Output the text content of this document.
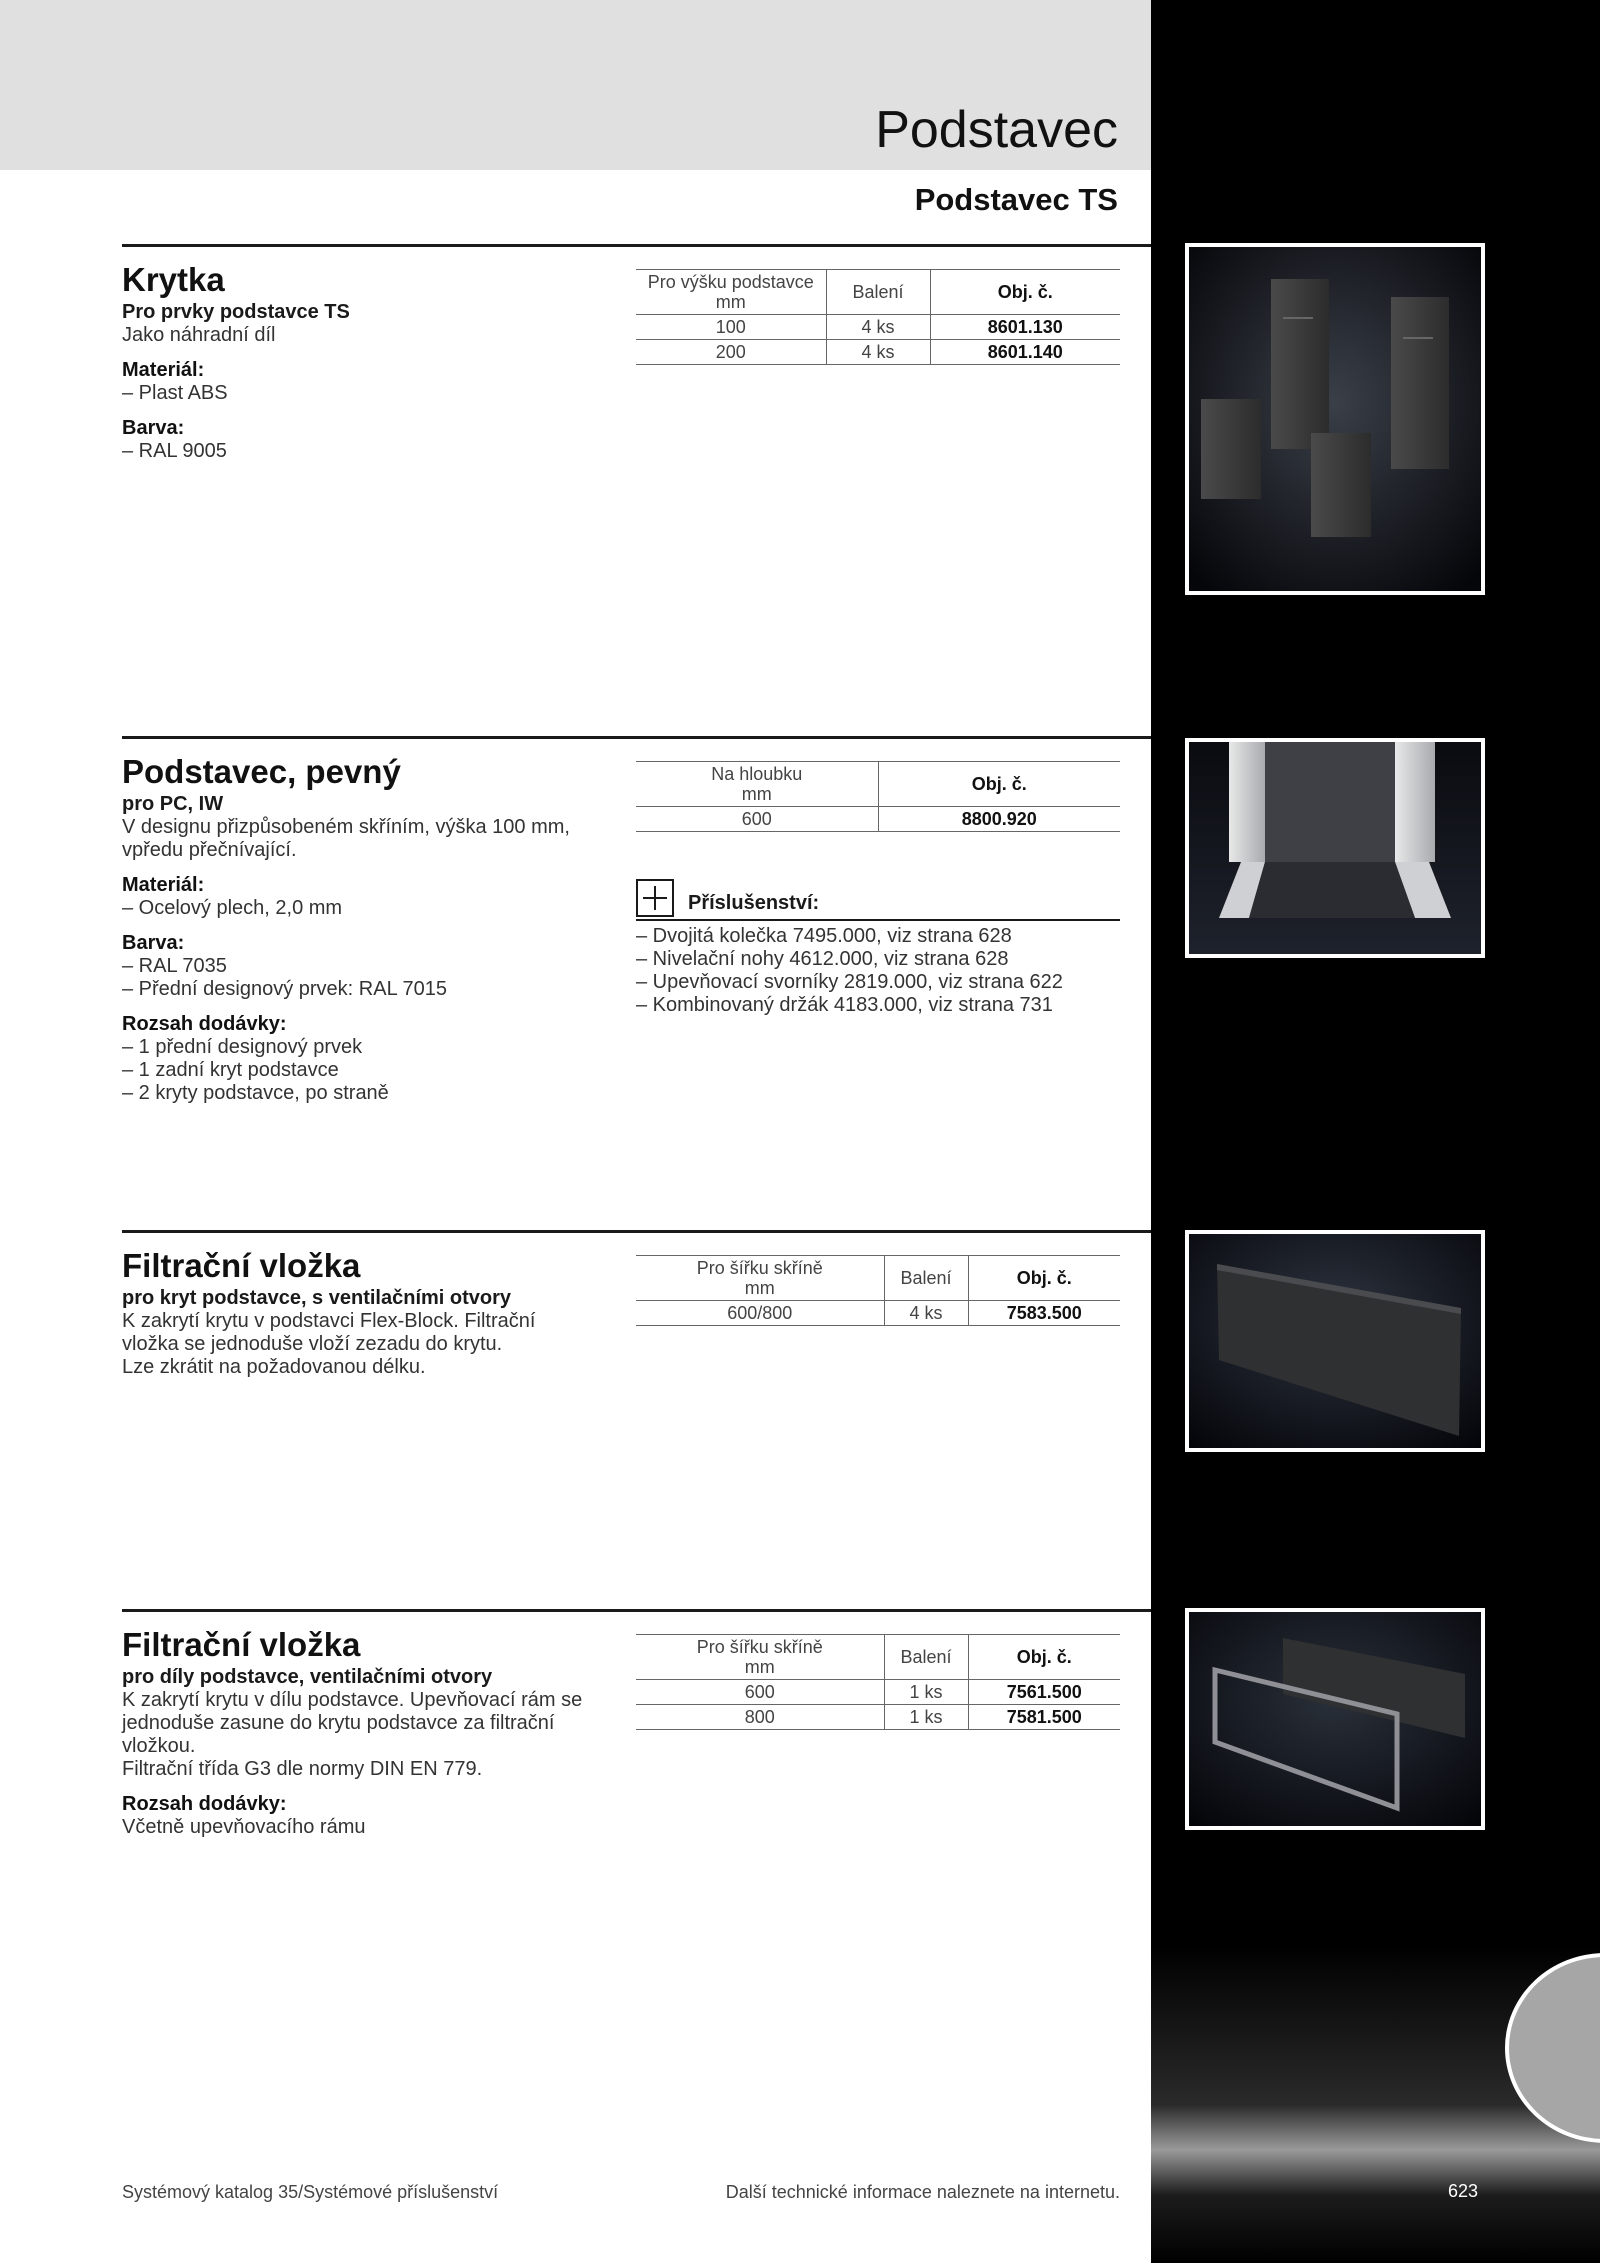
Podstavec
Podstavec TS
Krytka
Pro prvky podstavce TS
Jako náhradní díl
Materiál:
– Plast ABS
Barva:
– RAL 9005
Pro výšku podstavce
mm	Balení	Obj. č.
100	4 ks	8601.130
200	4 ks	8601.140
Podstavec, pevný
pro PC, IW
V designu přizpůsobeném skříním, výška 100 mm,
vpředu přečnívající.
Materiál:
– Ocelový plech, 2,0 mm
Barva:
– RAL 7035
– Přední designový prvek: RAL 7015
Rozsah dodávky:
– 1 přední designový prvek
– 1 zadní kryt podstavce
– 2 kryty podstavce, po straně
Na hloubku
mm	Obj. č.
600	8800.920
Příslušenství:
– Dvojitá kolečka 7495.000, viz strana 628
– Nivelační nohy 4612.000, viz strana 628
– Upevňovací svorníky 2819.000, viz strana 622
– Kombinovaný držák 4183.000, viz strana 731
Filtrační vložka
pro kryt podstavce, s ventilačními otvory
K zakrytí krytu v podstavci Flex-Block. Filtrační
vložka se jednoduše vloží zezadu do krytu.
Lze zkrátit na požadovanou délku.
Pro šířku skříně
mm	Balení	Obj. č.
600/800	4 ks	7583.500
Filtrační vložka
pro díly podstavce, ventilačními otvory
K zakrytí krytu v dílu podstavce. Upevňovací rám se
jednoduše zasune do krytu podstavce za filtrační
vložkou.
Filtrační třída G3 dle normy DIN EN 779.
Rozsah dodávky:
Včetně upevňovacího rámu
Pro šířku skříně
mm	Balení	Obj. č.
600	1 ks	7561.500
800	1 ks	7581.500
Systémový katalog 35/Systémové příslušenství	Další technické informace naleznete na internetu.	623
